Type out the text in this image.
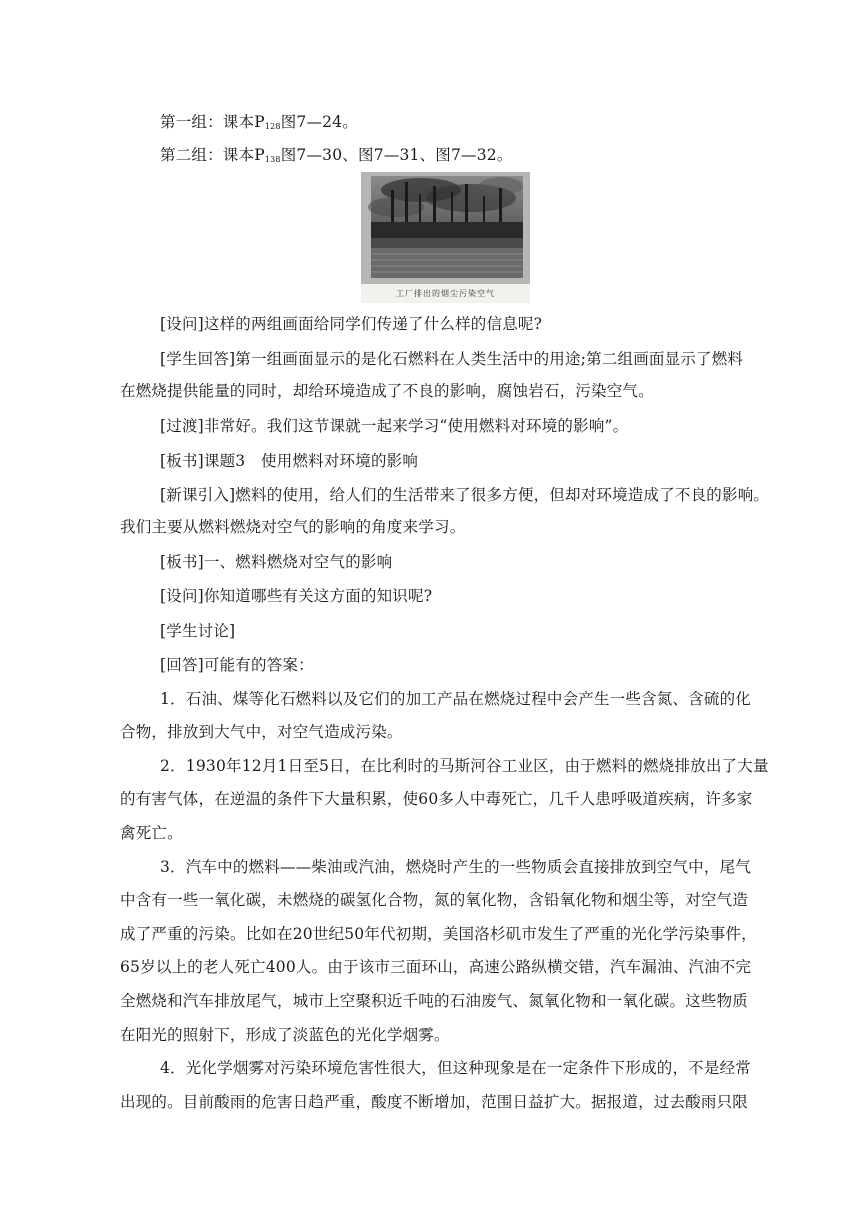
第一组：课本$P_{128}$图7—24。
第二组：课本$P_{138}$图7—30、图7—31、图7—32。
工厂排出的烟尘污染空气
[设问]这样的两组画面给同学们传递了什么样的信息呢?
[学生回答]第一组画面显示的是化石燃料在人类生活中的用途;第二组画面显示了燃料
在燃烧提供能量的同时，却给环境造成了不良的影响，腐蚀岩石，污染空气。
[过渡]非常好。我们这节课就一起来学习“使用燃料对环境的影响”。
[板书]课题3　使用燃料对环境的影响
[新课引入]燃料的使用，给人们的生活带来了很多方便，但却对环境造成了不良的影响。
我们主要从燃料燃烧对空气的影响的角度来学习。
[板书]一、燃料燃烧对空气的影响
[设问]你知道哪些有关这方面的知识呢?
[学生讨论]
[回答]可能有的答案：
1．石油、煤等化石燃料以及它们的加工产品在燃烧过程中会产生一些含氮、含硫的化
合物，排放到大气中，对空气造成污染。
2．1930年12月1日至5日，在比利时的马斯河谷工业区，由于燃料的燃烧排放出了大量
的有害气体，在逆温的条件下大量积累，使60多人中毒死亡，几千人患呼吸道疾病，许多家
禽死亡。
3．汽车中的燃料——柴油或汽油，燃烧时产生的一些物质会直接排放到空气中，尾气
中含有一些一氧化碳，未燃烧的碳氢化合物，氮的氧化物，含铅氧化物和烟尘等，对空气造
成了严重的污染。比如在20世纪50年代初期，美国洛杉矶市发生了严重的光化学污染事件，
65岁以上的老人死亡400人。由于该市三面环山，高速公路纵横交错，汽车漏油、汽油不完
全燃烧和汽车排放尾气，城市上空聚积近千吨的石油废气、氮氧化物和一氧化碳。这些物质
在阳光的照射下，形成了淡蓝色的光化学烟雾。
4．光化学烟雾对污染环境危害性很大，但这种现象是在一定条件下形成的，不是经常
出现的。目前酸雨的危害日趋严重，酸度不断增加，范围日益扩大。据报道，过去酸雨只限
